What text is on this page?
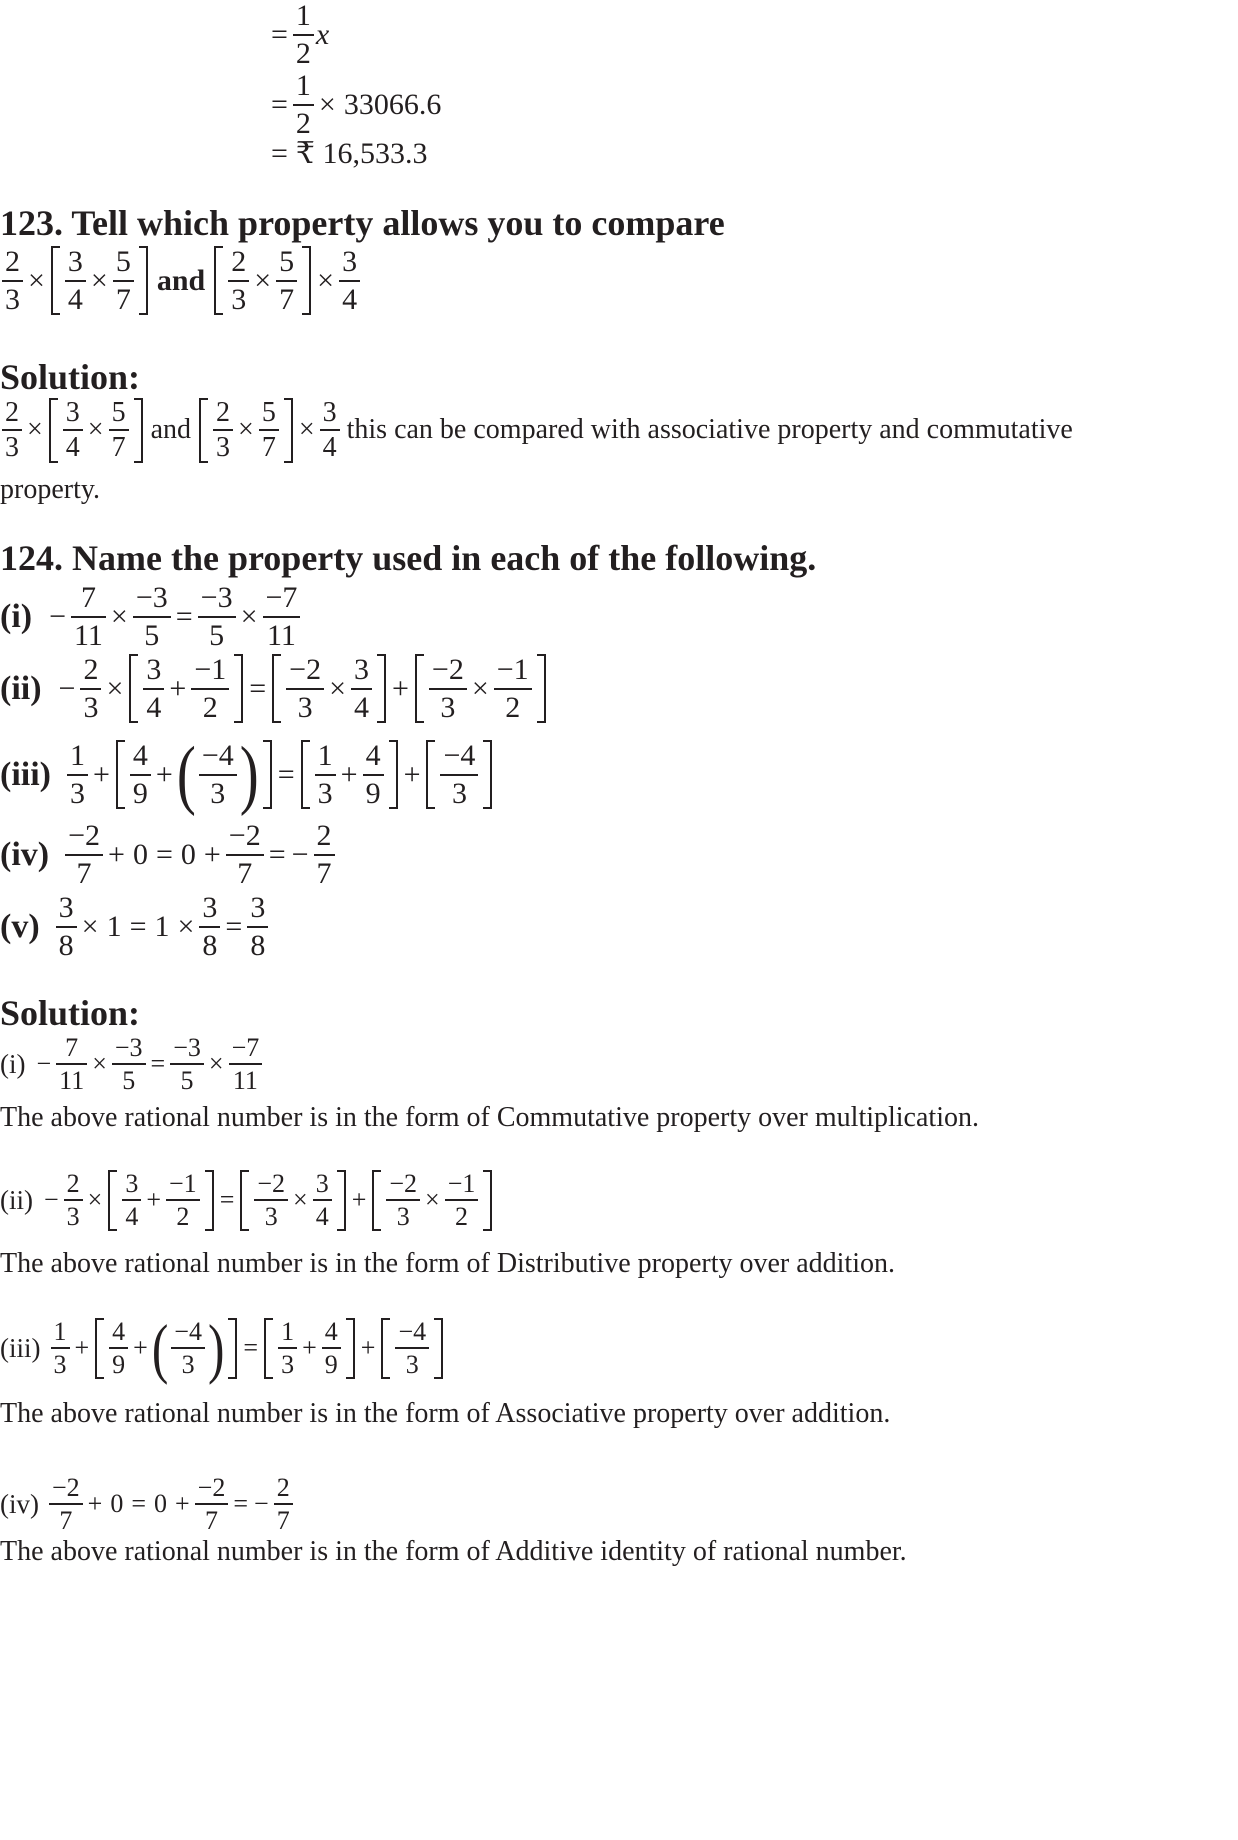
= $\frac{1}{2}$ x
= $\frac{1}{2} \times 33066.6$
= ₹ 16,533.3
123. Tell which property allows you to compare
$\frac{2}{3} \times \frac{3}{4} \times \frac{5}{7}$ and $\frac{2}{3} \times \frac{5}{7} \times \frac{3}{4}$
Solution:
$\frac{2}{3} \times \frac{3}{4} \times \frac{5}{7}$ and $\frac{2}{3} \times \frac{5}{7} \times \frac{3}{4}$ this can be compared with associative property and commutative
property.
124. Name the property used in each of the following.
$(i) - \frac{7}{11} \times \frac{-3}{5} = \frac{-3}{5} \times \frac{-7}{11}$
$(ii) - \frac{2}{3} \times \frac{3}{4} + \frac{-1}{2} = \frac{-2}{3} \times \frac{3}{4} + \frac{-2}{3} \times \frac{-1}{2}$
$(iii) \frac{1}{3} + \frac{4}{9}$ + ( $\frac{-4}{3}$ ) = $\frac{1}{3} + \frac{4}{9} + \frac{-4}{3}$
$(iv) \frac{-2}{7} + 0 = 0 + \frac{-2}{7}$ = − $\frac{2}{7}$
$(v) \frac{3}{8} \times 1 = 1 \times \frac{3}{8} = \frac{3}{8}$
Solution:
$(i) - \frac{7}{11} \times \frac{-3}{5} = \frac{-3}{5} \times \frac{-7}{11}$
The above rational number is in the form of Commutative property over multiplication.
$(ii) - \frac{2}{3} \times \frac{3}{4} + \frac{-1}{2} = \frac{-2}{3} \times \frac{3}{4} + \frac{-2}{3} \times \frac{-1}{2}$
The above rational number is in the form of Distributive property over addition.
$(iii) \frac{1}{3} + \frac{4}{9}$ + ( $\frac{-4}{3}$ ) = $\frac{1}{3} + \frac{4}{9} + \frac{-4}{3}$
The above rational number is in the form of Associative property over addition.
$(iv) \frac{-2}{7} + 0 = 0 + \frac{-2}{7}$ = − $\frac{2}{7}$
The above rational number is in the form of Additive identity of rational number.
